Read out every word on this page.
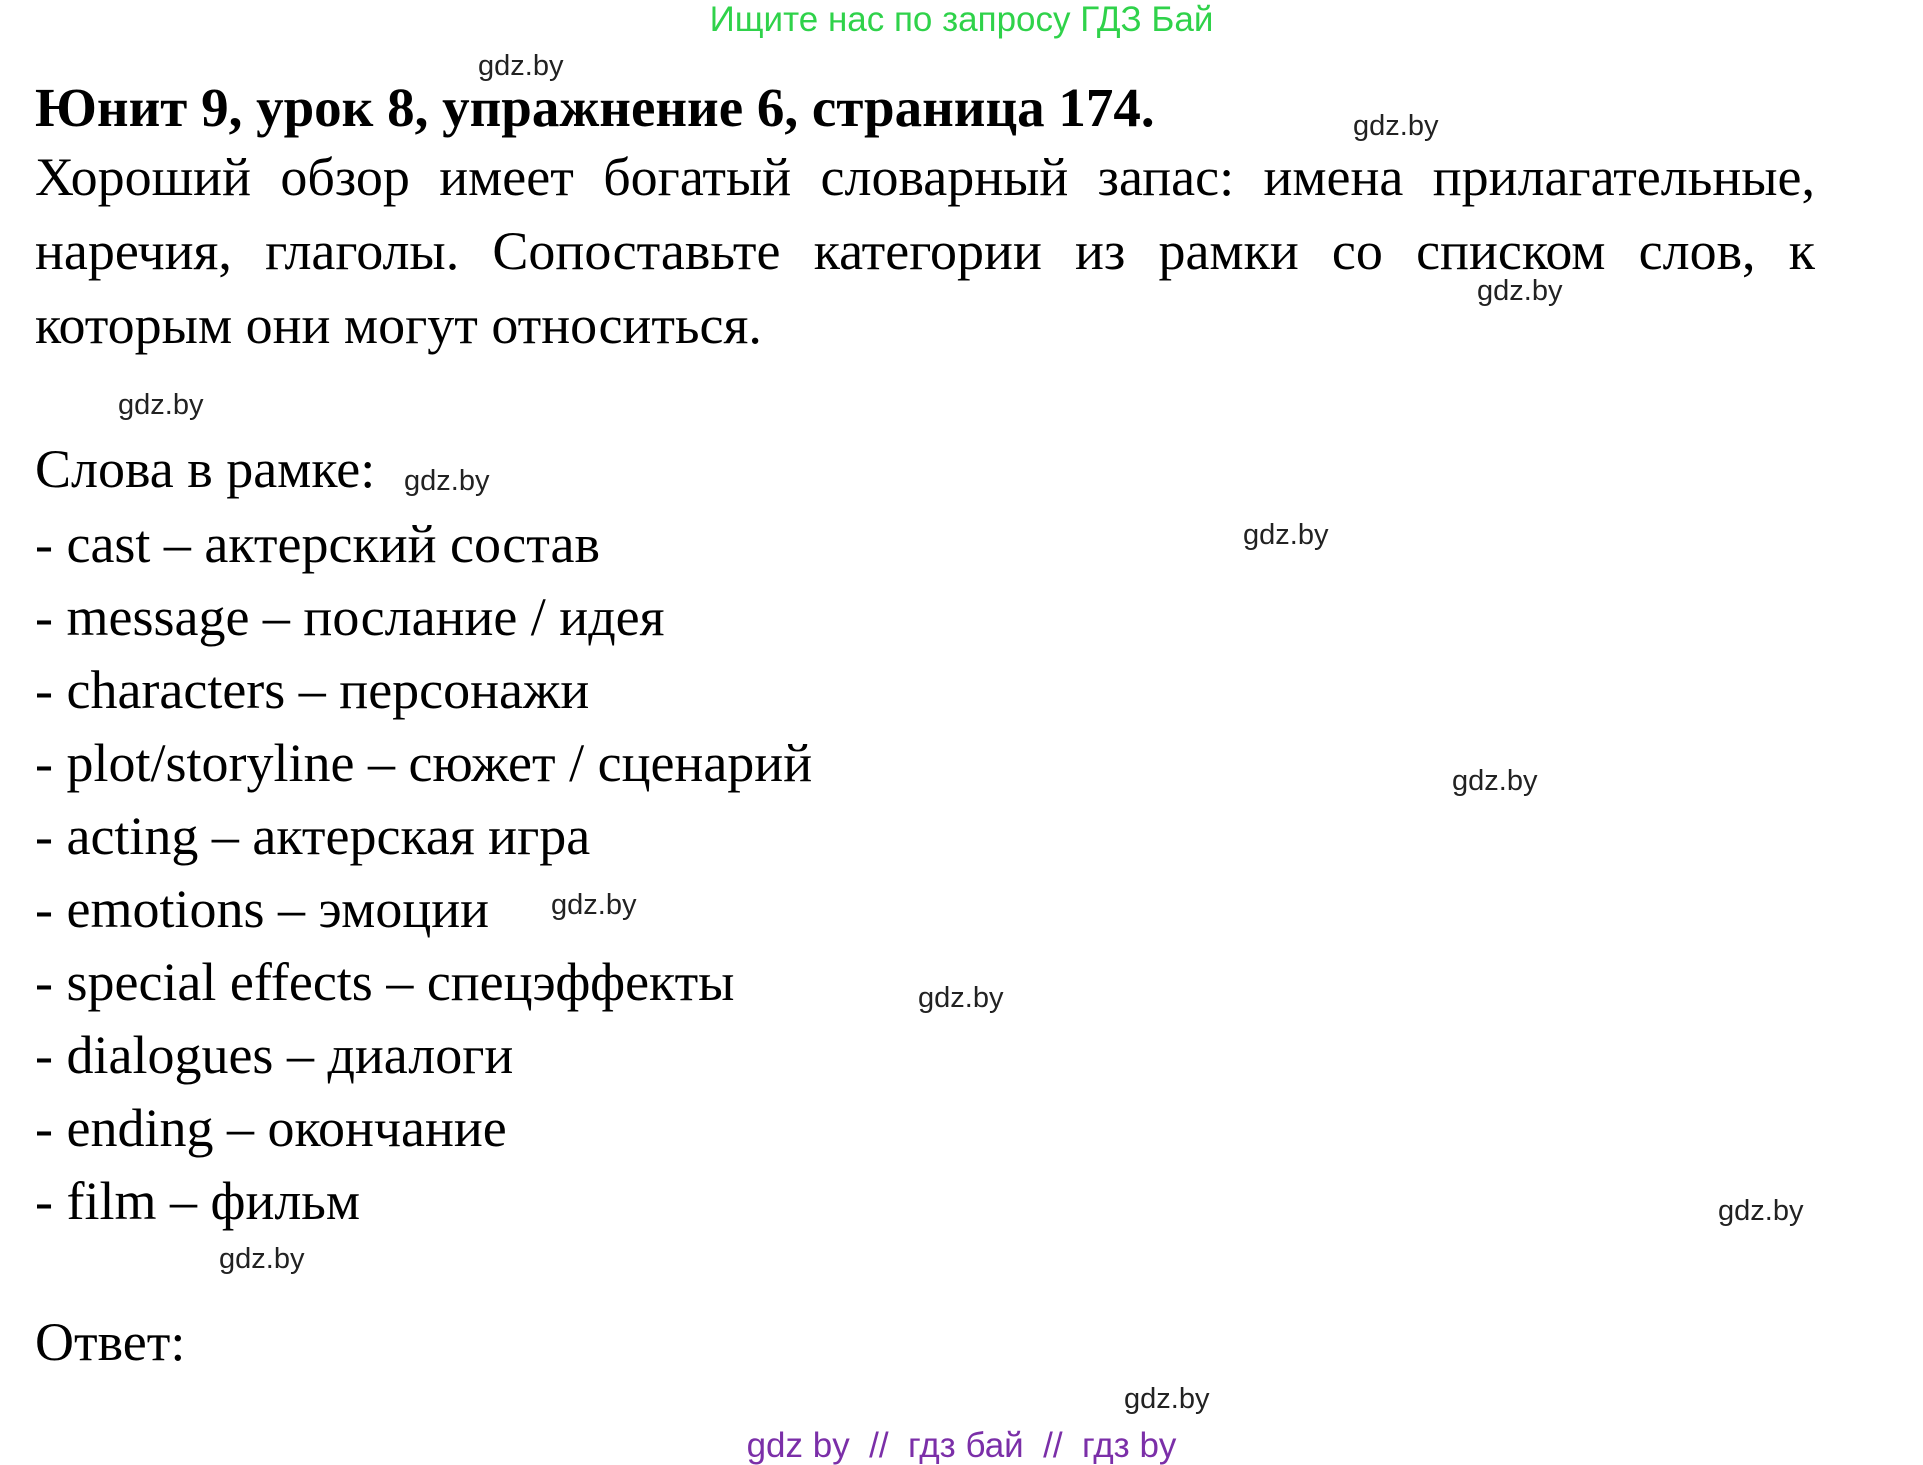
Ищите нас по запросу ГДЗ Бай
Юнит 9, урок 8, упражнение 6, страница 174.

Хороший обзор имеет богатый словарный запас: имена прилагательные, наречия, глаголы. Сопоставьте категории из рамки со списком слов, к которым они могут относиться.

Слова в рамке:
- cast – актерский состав
- message – послание / идея
- characters – персонажи
- plot/storyline – сюжет / сценарий
- acting – актерская игра
- emotions – эмоции
- special effects – спецэффекты
- dialogues – диалоги
- ending – окончание
- film – фильм
Ответ:
gdz by  //  гдз бай  //  гдз by
gdz.by
gdz.by
gdz.by
gdz.by
gdz.by
gdz.by
gdz.by
gdz.by
gdz.by
gdz.by
gdz.by
gdz.by
